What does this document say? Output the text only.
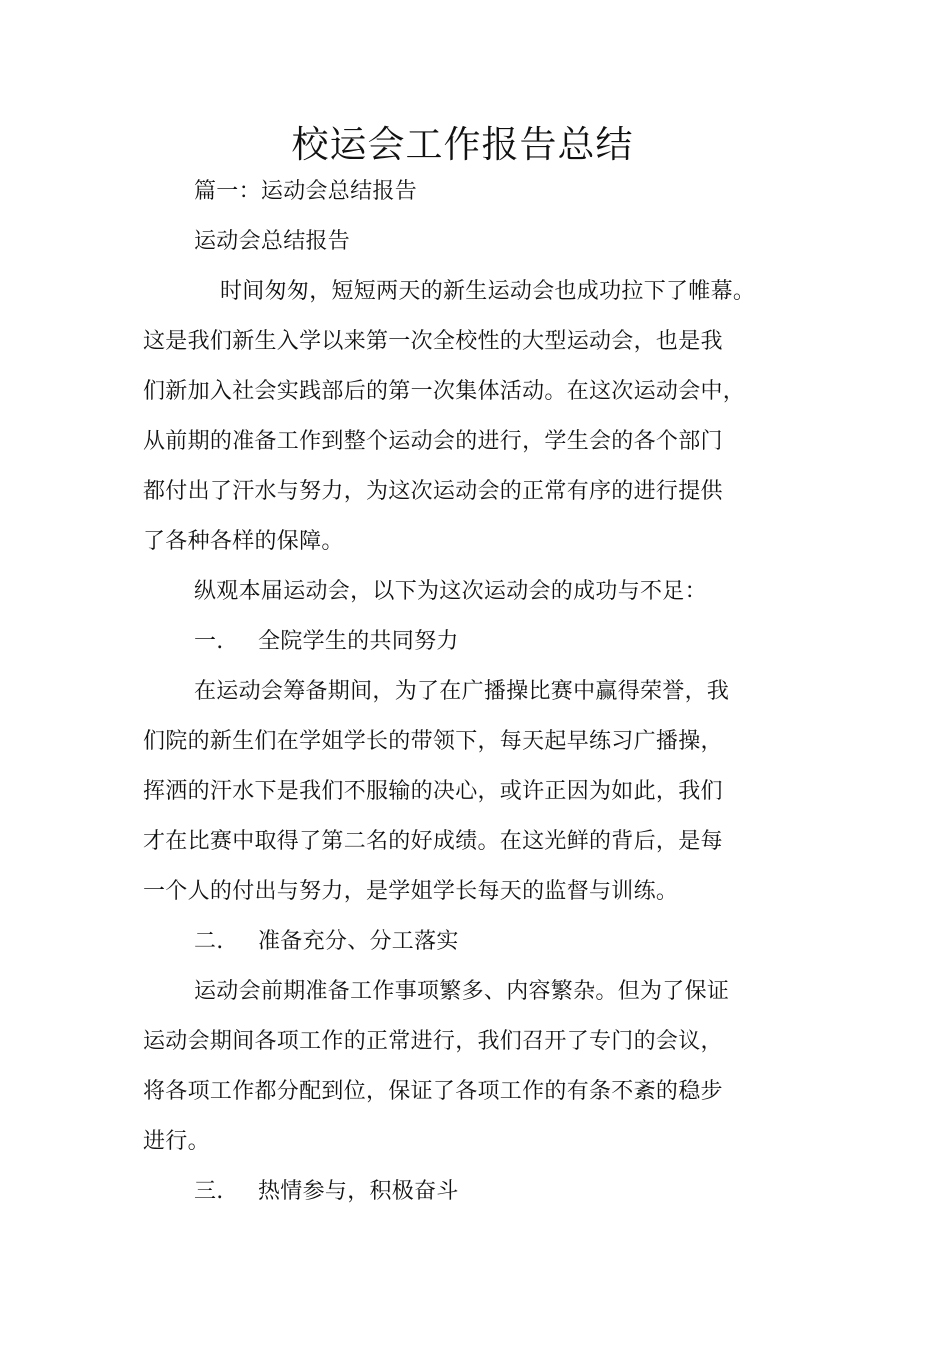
校运会工作报告总结
篇一：运动会总结报告
运动会总结报告
时间匆匆，短短两天的新生运动会也成功拉下了帷幕。
这是我们新生入学以来第一次全校性的大型运动会，也是我
们新加入社会实践部后的第一次集体活动。在这次运动会中，
从前期的准备工作到整个运动会的进行，学生会的各个部门
都付出了汗水与努力，为这次运动会的正常有序的进行提供
了各种各样的保障。
纵观本届运动会，以下为这次运动会的成功与不足：
一. 全院学生的共同努力
在运动会筹备期间，为了在广播操比赛中赢得荣誉，我
们院的新生们在学姐学长的带领下，每天起早练习广播操，
挥洒的汗水下是我们不服输的决心，或许正因为如此，我们
才在比赛中取得了第二名的好成绩。在这光鲜的背后，是每
一个人的付出与努力，是学姐学长每天的监督与训练。
二. 准备充分、分工落实
运动会前期准备工作事项繁多、内容繁杂。但为了保证
运动会期间各项工作的正常进行，我们召开了专门的会议，
将各项工作都分配到位，保证了各项工作的有条不紊的稳步
进行。
三. 热情参与，积极奋斗
